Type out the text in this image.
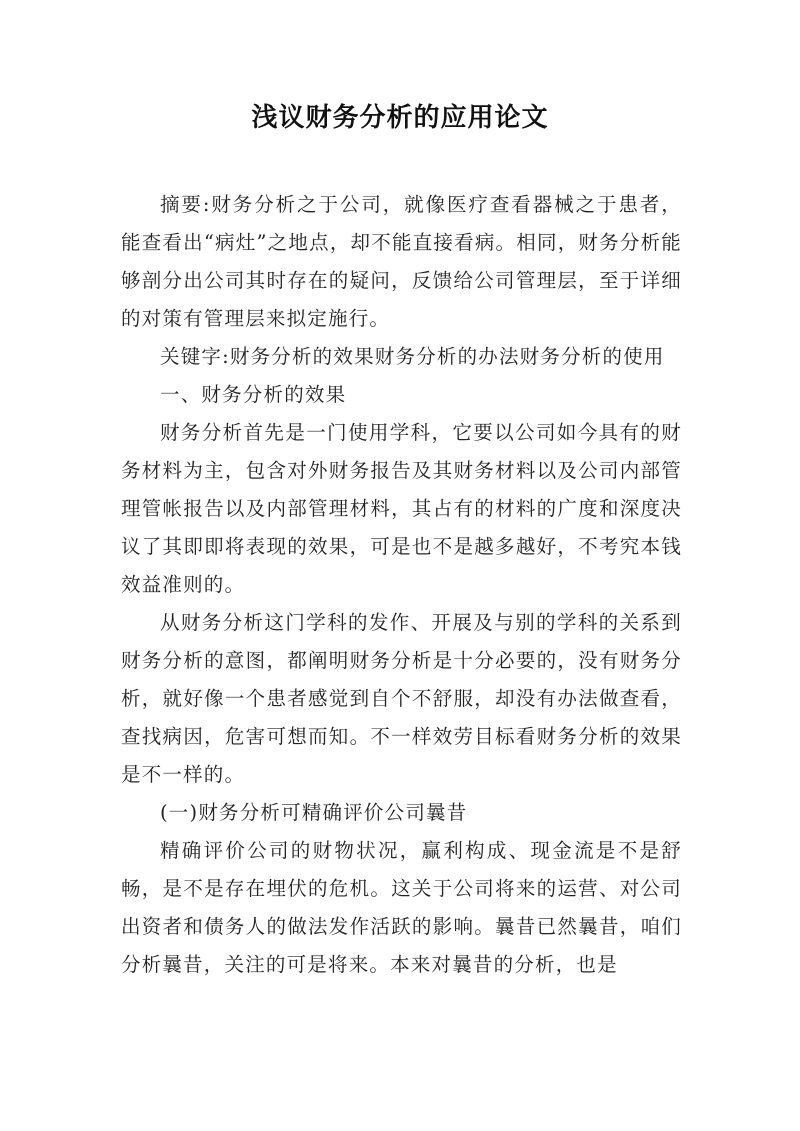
浅议财务分析的应用论文

摘要:财务分析之于公司，就像医疗查看器械之于患者，能查看出“病灶”之地点，却不能直接看病。相同，财务分析能够剖分出公司其时存在的疑问，反馈给公司管理层，至于详细的对策有管理层来拟定施行。

关键字:财务分析的效果财务分析的办法财务分析的使用

一、财务分析的效果

财务分析首先是一门使用学科，它要以公司如今具有的财务材料为主，包含对外财务报告及其财务材料以及公司内部管理管帐报告以及内部管理材料，其占有的材料的广度和深度决议了其即即将表现的效果，可是也不是越多越好，不考究本钱效益准则的。

从财务分析这门学科的发作、开展及与别的学科的关系到财务分析的意图，都阐明财务分析是十分必要的，没有财务分析，就好像一个患者感觉到自个不舒服，却没有办法做查看，查找病因，危害可想而知。不一样效劳目标看财务分析的效果是不一样的。

(一)财务分析可精确评价公司曩昔

精确评价公司的财物状况，赢利构成、现金流是不是舒畅，是不是存在埋伏的危机。这关于公司将来的运营、对公司出资者和债务人的做法发作活跃的影响。曩昔已然曩昔，咱们分析曩昔，关注的可是将来。本来对曩昔的分析，也是
